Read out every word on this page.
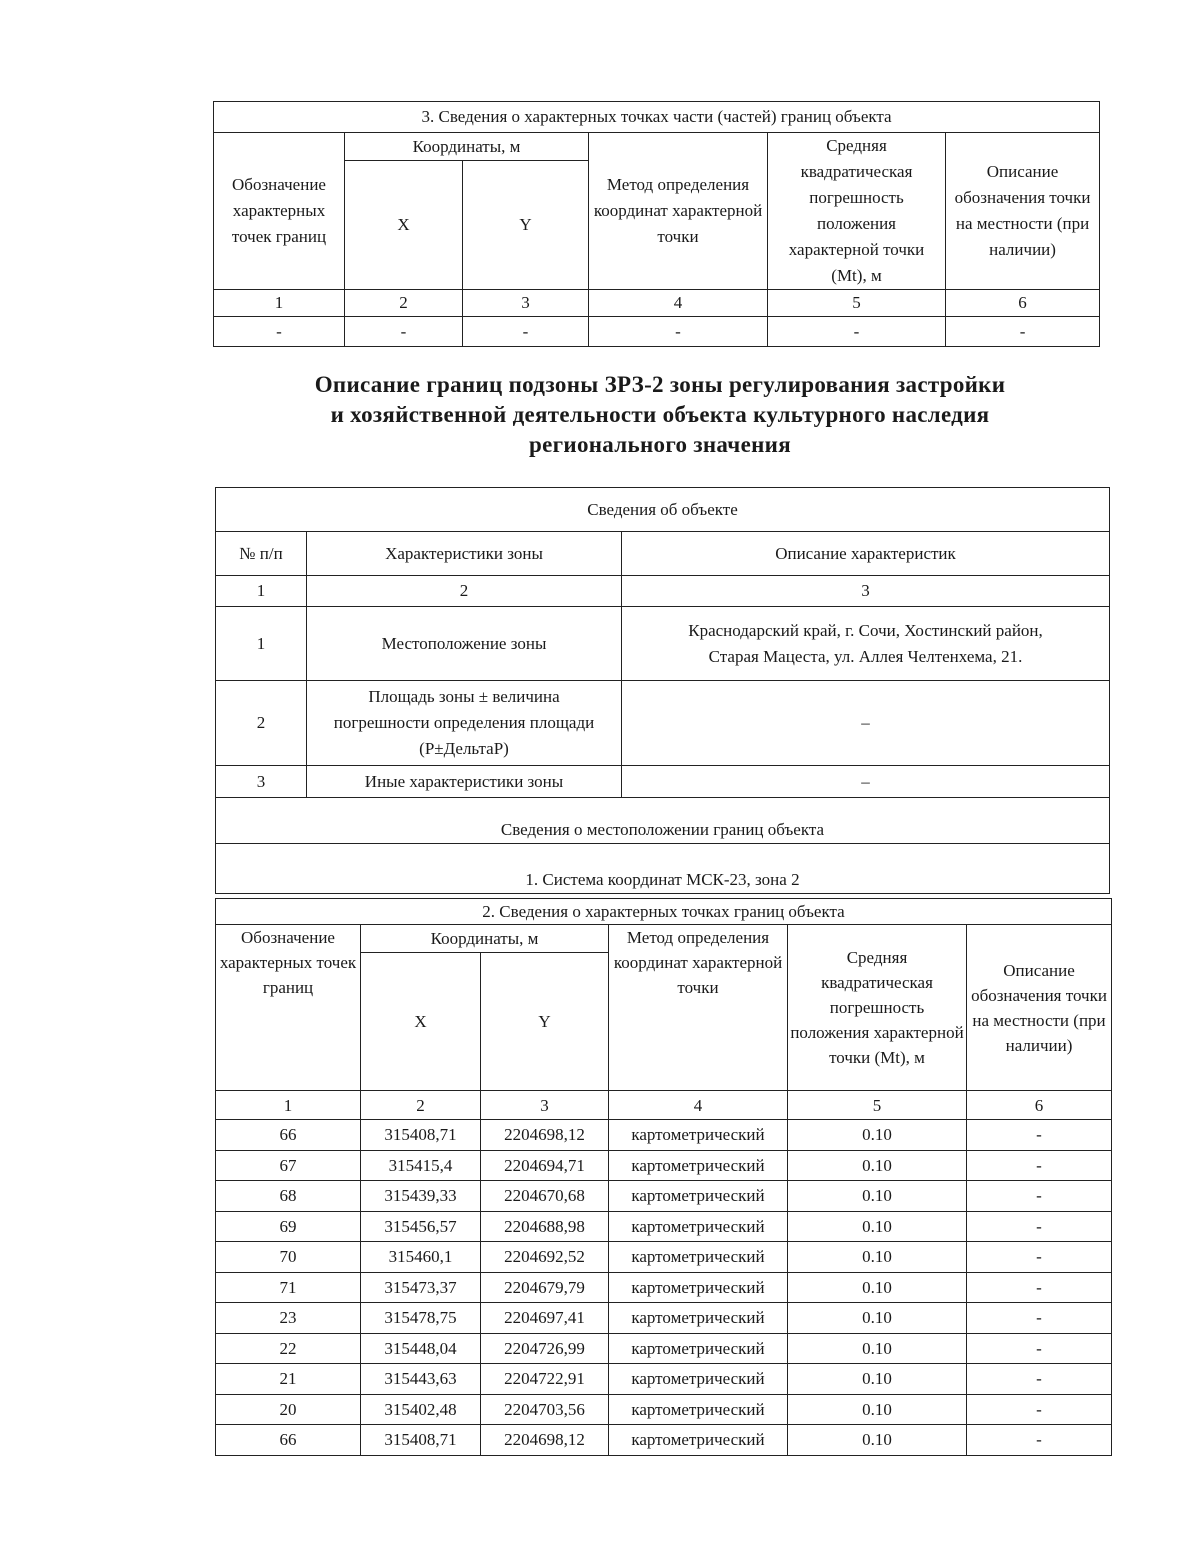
3. Сведения о характерных точках части (частей) границ объекта					
Обозначение характерных точек границ	Координаты, м		Метод определения координат характерной точки	Средняя квадратическая погрешность положения характерной точки (Mt), м	Описание обозначения точки на местности (при наличии)
	X	Y			
1	2	3	4	5	6
-	-	-	-	-	-
Описание границ подзоны ЗРЗ-2 зоны регулирования застройки
и хозяйственной деятельности объекта культурного наследия
регионального значения
Сведения об объекте		
№ п/п	Характеристики зоны	Описание характеристик
1	2	3
1	Местоположение зоны	Краснодарский край, г. Сочи, Хостинский район,
Старая Мацеста, ул. Аллея Челтенхема, 21.
2	Площадь зоны ± величина
погрешности определения площади
(Р±ДельтаР)	–
3	Иные характеристики зоны	–
Сведения о местоположении границ объекта		
1. Система координат МСК-23, зона 2		
2. Сведения о характерных точках границ объекта					
Обозначение характерных точек границ	Координаты, м		Метод определения координат характерной точки	Средняя квадратическая погрешность положения характерной точки (Mt), м	Описание обозначения точки на местности (при наличии)
	X	Y			
1	2	3	4	5	6
66	315408,71	2204698,12	картометрический	0.10	-
67	315415,4	2204694,71	картометрический	0.10	-
68	315439,33	2204670,68	картометрический	0.10	-
69	315456,57	2204688,98	картометрический	0.10	-
70	315460,1	2204692,52	картометрический	0.10	-
71	315473,37	2204679,79	картометрический	0.10	-
23	315478,75	2204697,41	картометрический	0.10	-
22	315448,04	2204726,99	картометрический	0.10	-
21	315443,63	2204722,91	картометрический	0.10	-
20	315402,48	2204703,56	картометрический	0.10	-
66	315408,71	2204698,12	картометрический	0.10	-
